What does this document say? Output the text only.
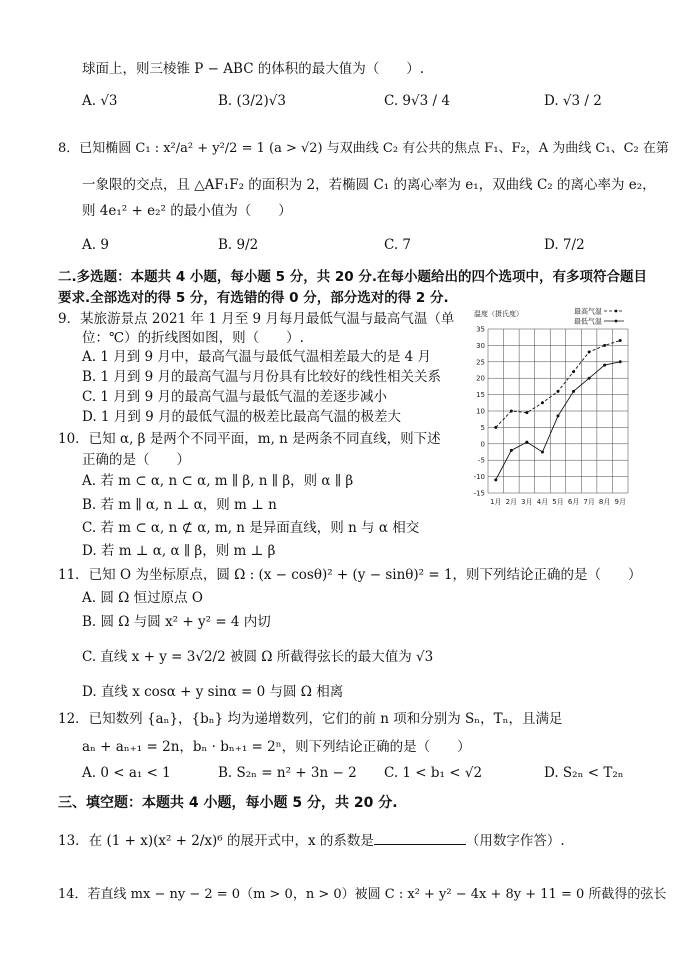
球面上，则三棱锥 P − ABC 的体积的最大值为（　　）.
A. √3	B. (3/2)√3	C. 9√3 / 4	D. √3 / 2
8．已知椭圆 C₁ : x²/a² + y²/2 = 1 (a > √2) 与双曲线 C₂ 有公共的焦点 F₁、F₂，A 为曲线 C₁、C₂ 在第
一象限的交点，且 △AF₁F₂ 的面积为 2，若椭圆 C₁ 的离心率为 e₁，双曲线 C₂ 的离心率为 e₂，
则 4e₁² + e₂² 的最小值为（　　）
A. 9	B. 9/2	C. 7	D. 7/2
二.多选题：本题共 4 小题，每小题 5 分，共 20 分.在每小题给出的四个选项中，有多项符合题目
要求.全部选对的得 5 分，有选错的得 0 分，部分选对的得 2 分.
9．某旅游景点 2021 年 1 月至 9 月每月最低气温与最高气温（单
位：℃）的折线图如图，则（　　）.
A. 1 月到 9 月中，最高气温与最低气温相差最大的是 4 月
B. 1 月到 9 月的最高气温与月份具有比较好的线性相关关系
C. 1 月到 9 月的最高气温与最低气温的差逐步减小
D. 1 月到 9 月的最低气温的极差比最高气温的极差大
10．已知 α, β 是两个不同平面，m, n 是两条不同直线，则下述
正确的是（　　）
A. 若 m ⊂ α, n ⊂ α, m ∥ β, n ∥ β，则 α ∥ β
B. 若 m ∥ α, n ⊥ α，则 m ⊥ n
C. 若 m ⊂ α, n ⊄ α, m, n 是异面直线，则 n 与 α 相交
D. 若 m ⊥ α, α ∥ β，则 m ⊥ β
11．已知 O 为坐标原点，圆 Ω : (x − cosθ)² + (y − sinθ)² = 1，则下列结论正确的是（　　）
A. 圆 Ω 恒过原点 O
B. 圆 Ω 与圆 x² + y² = 4 内切
C. 直线 x + y = 3√2/2 被圆 Ω 所截得弦长的最大值为 √3
D. 直线 x cosα + y sinα = 0 与圆 Ω 相离
12．已知数列 {aₙ}，{bₙ} 均为递增数列，它们的前 n 项和分别为 Sₙ，Tₙ，且满足
aₙ + aₙ₊₁ = 2n，bₙ · bₙ₊₁ = 2ⁿ，则下列结论正确的是（　　）
A. 0 < a₁ < 1	B. S₂ₙ = n² + 3n − 2 C. 1 < b₁ < √2	D. S₂ₙ < T₂ₙ
三、填空题：本题共 4 小题，每小题 5 分，共 20 分.
13．在 (1 + x)(x² + 2/x)⁶ 的展开式中，x 的系数是	（用数字作答）.
14．若直线 mx − ny − 2 = 0（m > 0，n > 0）被圆 C : x² + y² − 4x + 8y + 11 = 0 所截得的弦长
35
30
25
20
15
10
5
0
-5
-10
-15
1月 2月 3月 4月 5月 6月 7月 8月 9月
温度（摄氏度）	最高气温
最低气温
